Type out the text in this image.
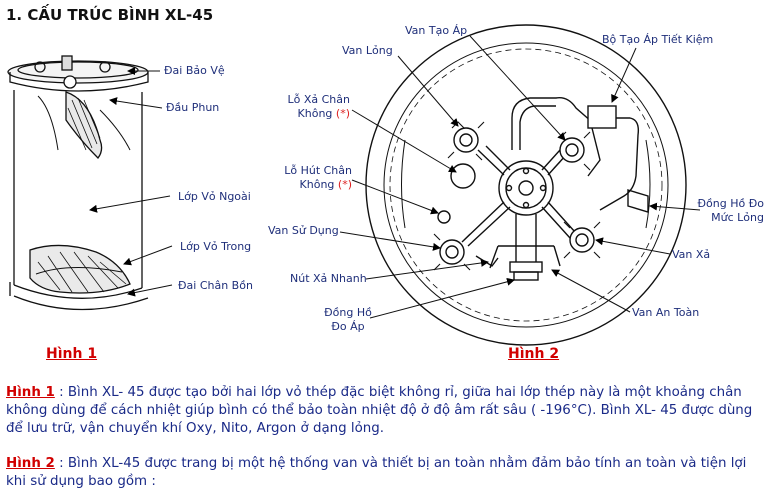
1. CẤU TRÚC BÌNH XL-45
Đai Bảo Vệ
Đầu Phun
Lớp Vỏ Ngoài
Lớp Vỏ Trong
Đai Chân Bồn
Hình 1
Van Tạo Áp
Van Lỏng
Bộ Tạo Áp Tiết Kiệm
Lỗ Xả Chân
Không (*)
Lỗ Hút Chân
Không (*)
Đồng Hồ Đo
Mức Lỏng
Van Sử Dụng
Van Xả
Nút Xả Nhanh
Đồng Hồ
Đo Áp
Van An Toàn
Hình 2
Hình 1 : Bình XL- 45 được tạo bởi hai lớp vỏ thép đặc biệt không rỉ, giữa hai lớp thép này là một khoảng chân không dùng để cách nhiệt giúp bình có thể bảo toàn nhiệt độ ở độ âm rất sâu ( -196°C). Bình XL- 45 được dùng để lưu trữ, vận chuyển khí Oxy, Nito, Argon ở dạng lỏng.
Hình 2 : Bình XL-45 được trang bị một hệ thống van và thiết bị an toàn nhằm đảm bảo tính an toàn và tiện lợi khi sử dụng bao gồm :
